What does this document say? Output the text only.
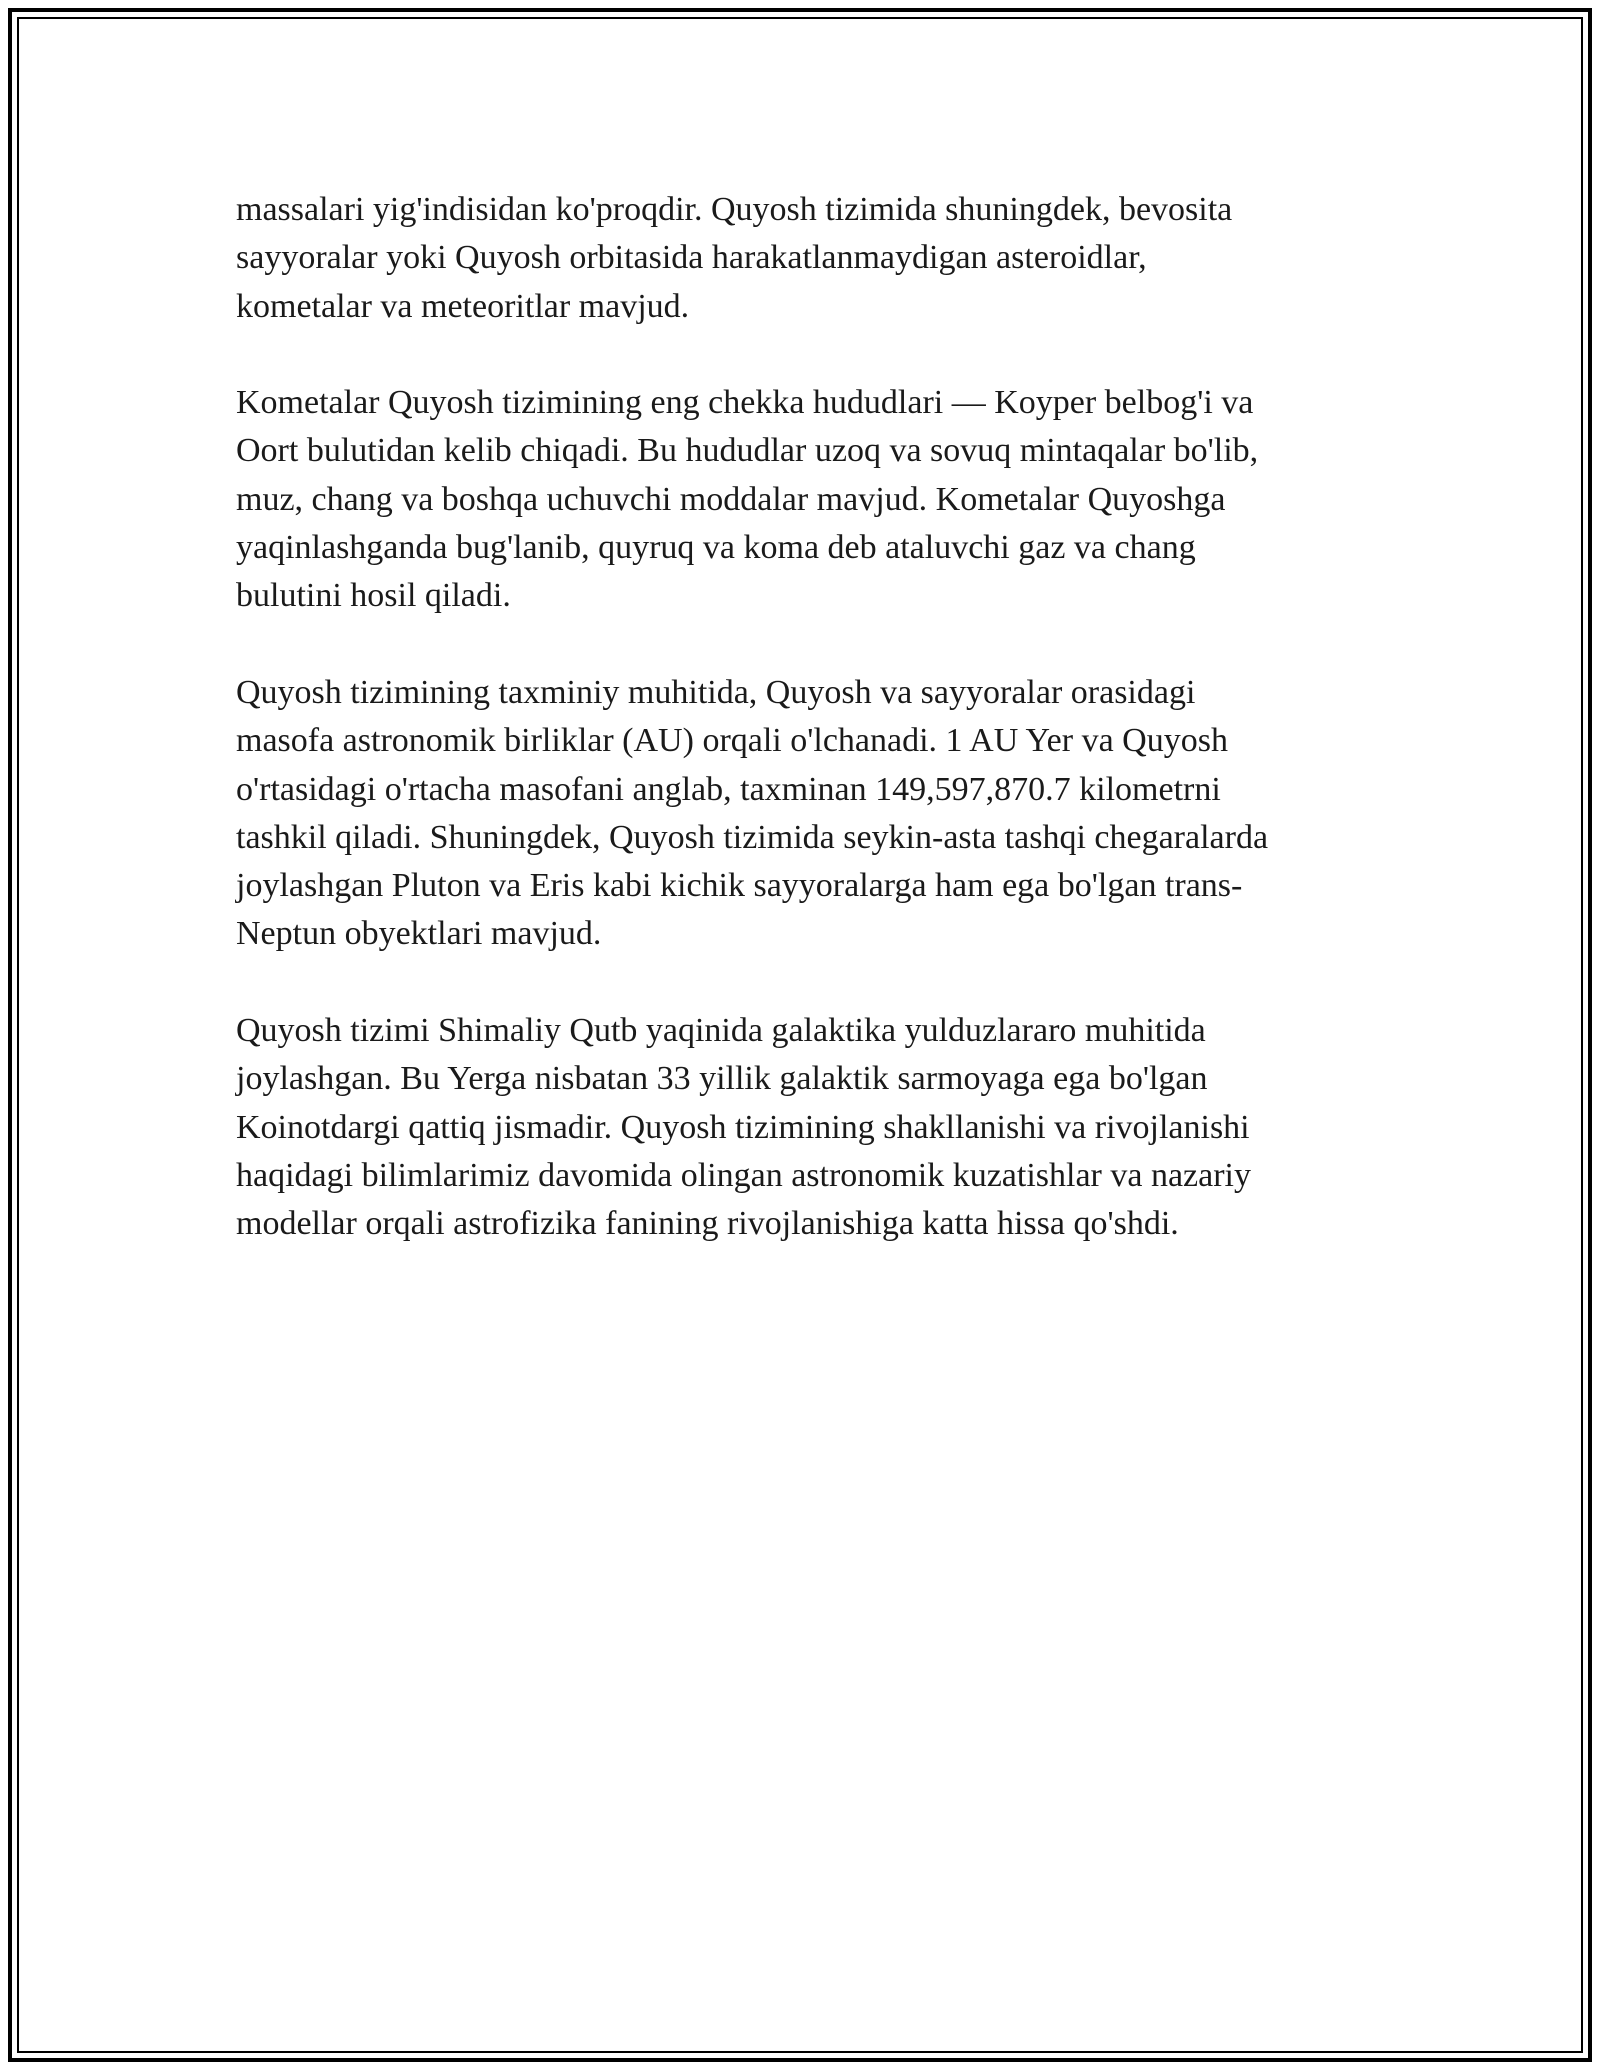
massalari yig'indisidan ko'proqdir. Quyosh tizimida shuningdek, bevosita
sayyoralar yoki Quyosh orbitasida harakatlanmaydigan asteroidlar,
kometalar va meteoritlar mavjud.

Kometalar Quyosh tizimining eng chekka hududlari — Koyper belbog'i va
Oort bulutidan kelib chiqadi. Bu hududlar uzoq va sovuq mintaqalar bo'lib,
muz, chang va boshqa uchuvchi moddalar mavjud. Kometalar Quyoshga
yaqinlashganda bug'lanib, quyruq va koma deb ataluvchi gaz va chang
bulutini hosil qiladi.

Quyosh tizimining taxminiy muhitida, Quyosh va sayyoralar orasidagi
masofa astronomik birliklar (AU) orqali o'lchanadi. 1 AU Yer va Quyosh
o'rtasidagi o'rtacha masofani anglab, taxminan 149,597,870.7 kilometrni
tashkil qiladi. Shuningdek, Quyosh tizimida seykin-asta tashqi chegaralarda
joylashgan Pluton va Eris kabi kichik sayyoralarga ham ega bo'lgan trans-
Neptun obyektlari mavjud.

Quyosh tizimi Shimaliy Qutb yaqinida galaktika yulduzlararo muhitida
joylashgan. Bu Yerga nisbatan 33 yillik galaktik sarmoyaga ega bo'lgan
Koinotdargi qattiq jismadir. Quyosh tizimining shakllanishi va rivojlanishi
haqidagi bilimlarimiz davomida olingan astronomik kuzatishlar va nazariy
modellar orqali astrofizika fanining rivojlanishiga katta hissa qo'shdi.
